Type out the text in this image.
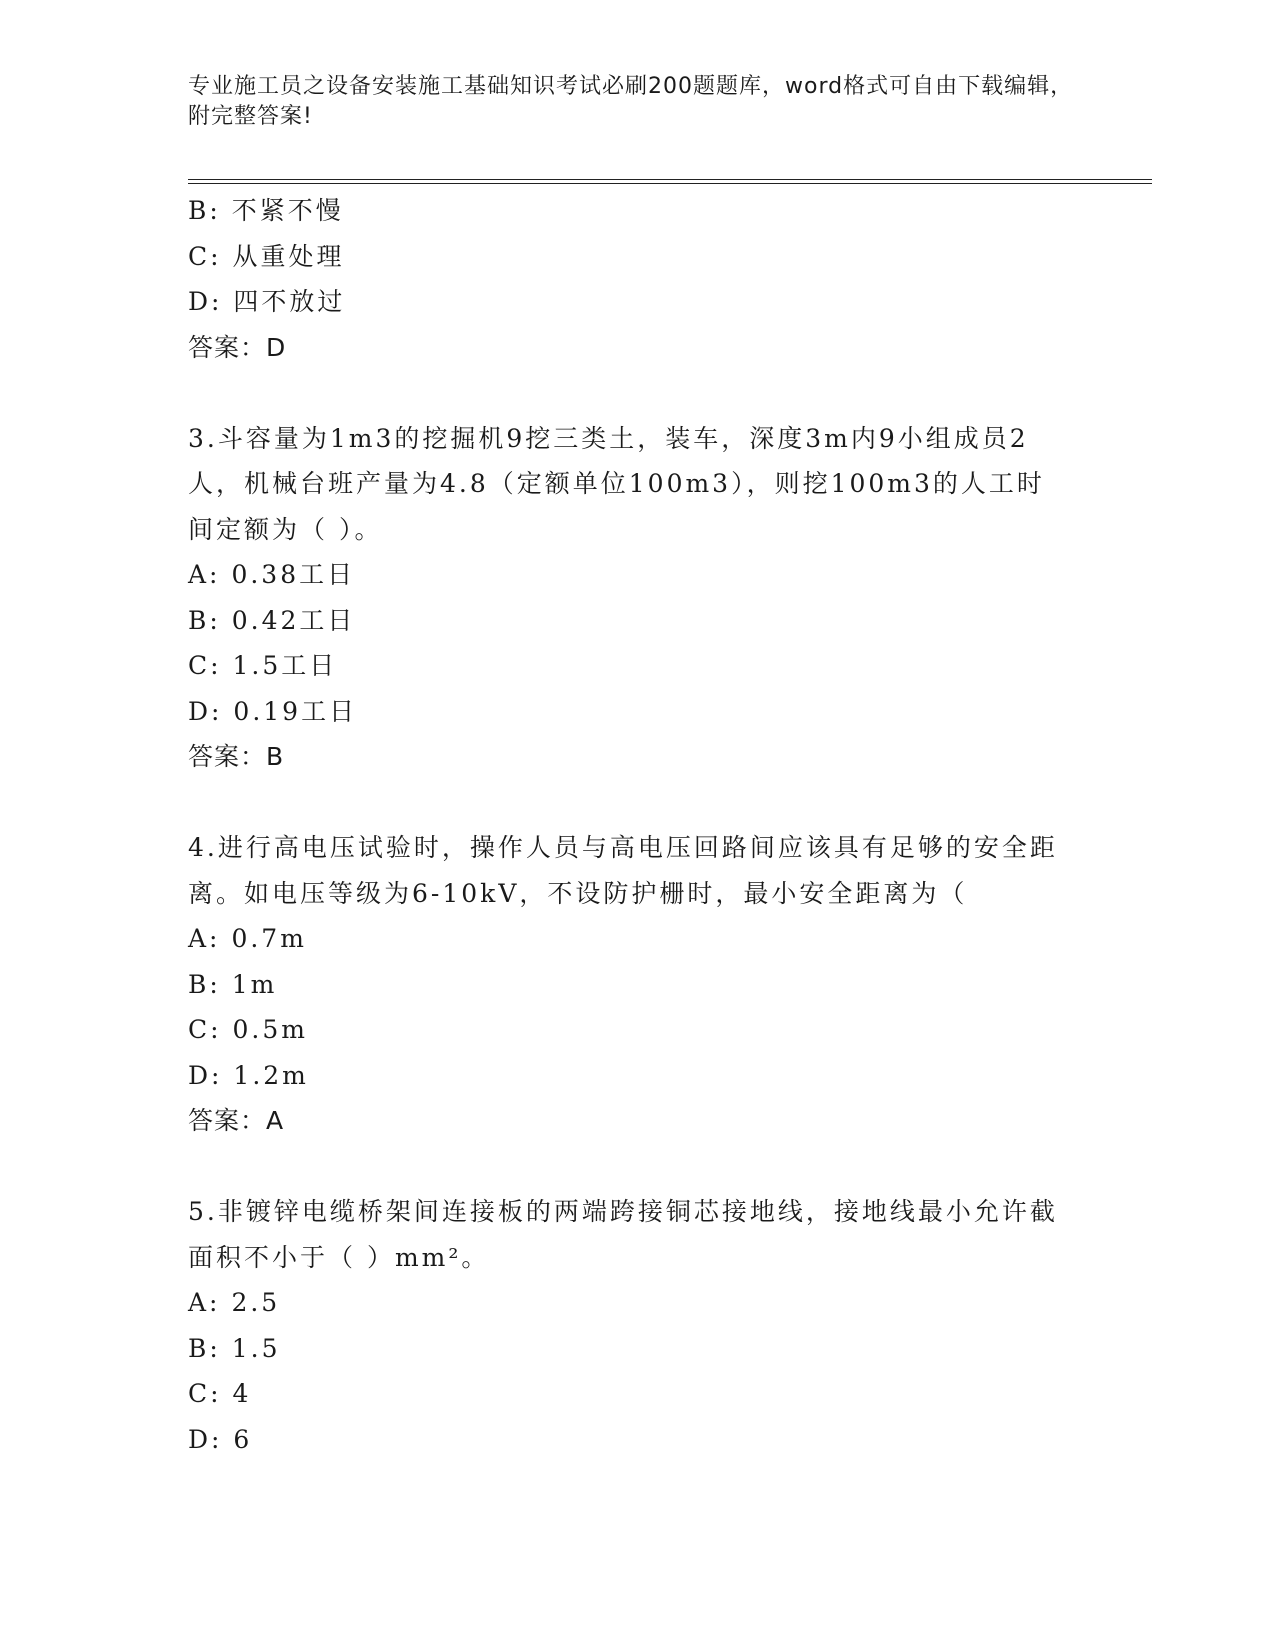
专业施工员之设备安装施工基础知识考试必刷200题题库，word格式可自由下载编辑，附完整答案!
B: 不紧不慢
C: 从重处理
D: 四不放过
答案：D
3.斗容量为1m3的挖掘机9挖三类土，装车，深度3m内9小组成员2人，机械台班产量为4.8（定额单位100m3），则挖100m3的人工时间定额为（ ）。
A: 0.38工日
B: 0.42工日
C: 1.5工日
D: 0.19工日
答案：B
4.进行高电压试验时，操作人员与高电压回路间应该具有足够的安全距离。如电压等级为6-10kV，不设防护栅时，最小安全距离为（
A: 0.7m
B: 1m
C: 0.5m
D: 1.2m
答案：A
5.非镀锌电缆桥架间连接板的两端跨接铜芯接地线，接地线最小允许截面积不小于（ ）mm²。
A: 2.5
B: 1.5
C: 4
D: 6
